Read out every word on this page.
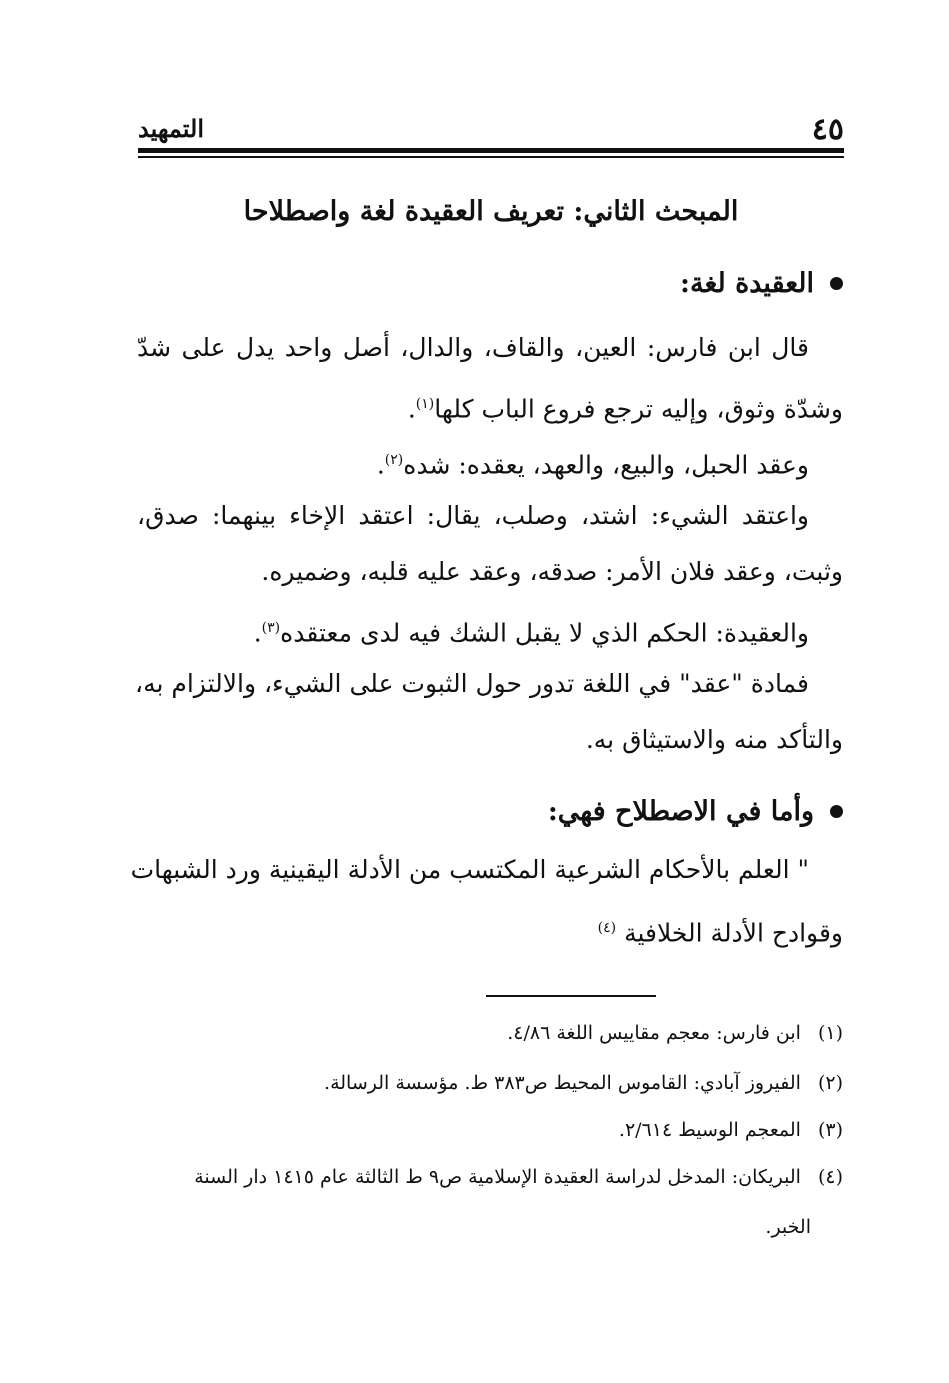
٤٥
التمهيد
المبحث الثاني: تعريف العقيدة لغة واصطلاحا
العقيدة لغة:
قال ابن فارس: العين، والقاف، والدال، أصل واحد يدل على شدّ
وشدّة وثوق، وإليه ترجع فروع الباب كلها$^{(١)}$.
وعقد الحبل، والبيع، والعهد، يعقده: شده$^{(٢)}$.
واعتقد الشيء: اشتد، وصلب، يقال: اعتقد الإخاء بينهما: صدق،
وثبت، وعقد فلان الأمر: صدقه، وعقد عليه قلبه، وضميره.
والعقيدة: الحكم الذي لا يقبل الشك فيه لدى معتقده$^{(٣)}$.
فمادة "عقد" في اللغة تدور حول الثبوت على الشيء، والالتزام به،
والتأكد منه والاستيثاق به.
وأما في الاصطلاح فهي:
" العلم بالأحكام الشرعية المكتسب من الأدلة اليقينية ورد الشبهات
وقوادح الأدلة الخلافية $^{(٤)}$
(١) ابن فارس: معجم مقاييس اللغة ٤/٨٦.
(٢) الفيروز آبادي: القاموس المحيط ص٣٨٣ ط. مؤسسة الرسالة.
(٣) المعجم الوسيط ٢/٦١٤.
(٤) البريكان: المدخل لدراسة العقيدة الإسلامية ص٩ ط الثالثة عام ١٤١٥ دار السنة
الخبر.
